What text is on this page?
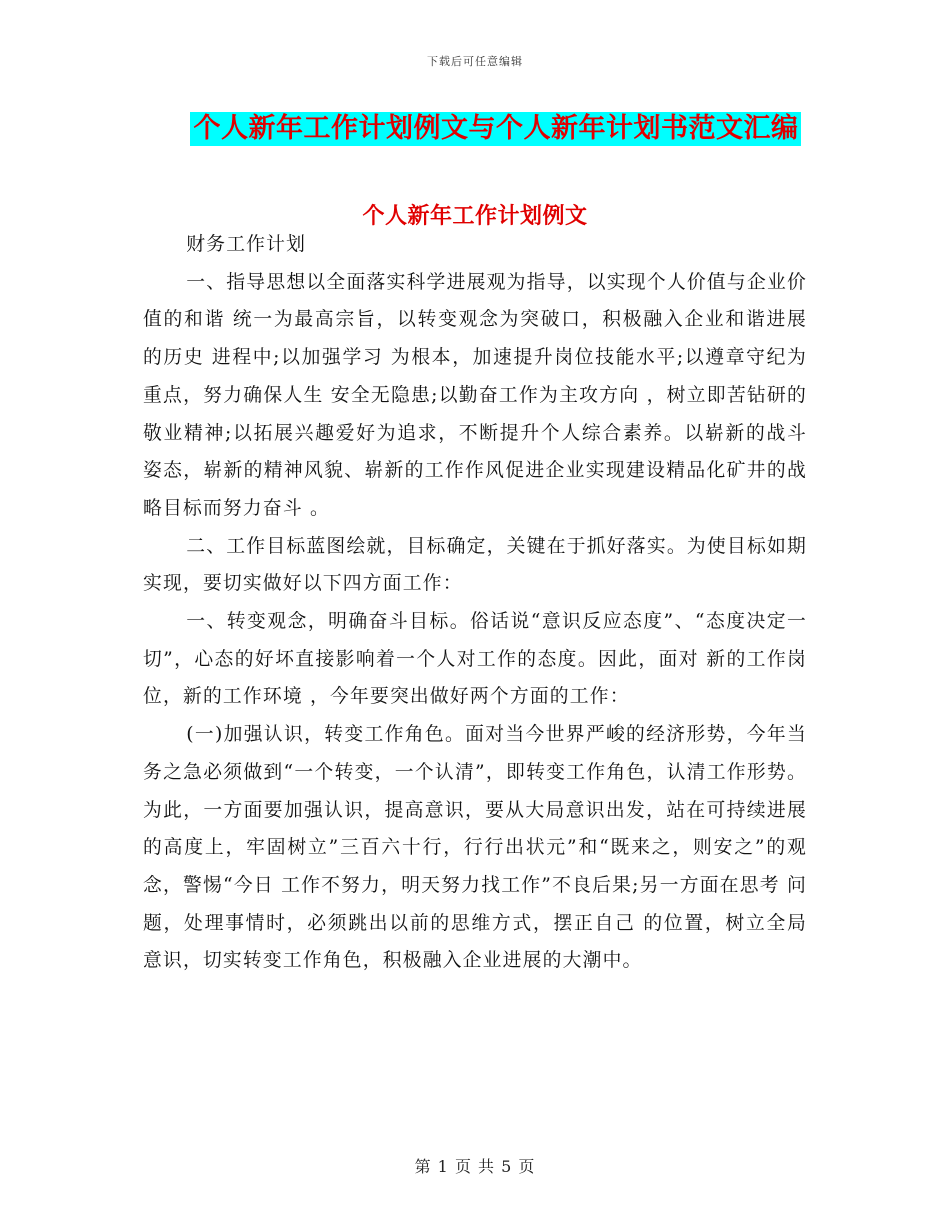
下载后可任意编辑
个人新年工作计划例文与个人新年计划书范文汇编
个人新年工作计划例文

财务工作计划

一、指导思想以全面落实科学进展观为指导，以实现个人价值与企业价值的和谐 统一为最高宗旨，以转变观念为突破口，积极融入企业和谐进展的历史 进程中;以加强学习 为根本，加速提升岗位技能水平;以遵章守纪为重点，努力确保人生 安全无隐患;以勤奋工作为主攻方向 ，树立即苦钻研的敬业精神;以拓展兴趣爱好为追求，不断提升个人综合素养。以崭新的战斗姿态，崭新的精神风貌、崭新的工作作风促进企业实现建设精品化矿井的战略目标而努力奋斗 。

二、工作目标蓝图绘就，目标确定，关键在于抓好落实。为使目标如期实现，要切实做好以下四方面工作：

一、转变观念，明确奋斗目标。俗话说“意识反应态度”、“态度决定一切”，心态的好坏直接影响着一个人对工作的态度。因此，面对 新的工作岗位，新的工作环境 ，今年要突出做好两个方面的工作：

(一)加强认识，转变工作角色。面对当今世界严峻的经济形势，今年当务之急必须做到“一个转变，一个认清”，即转变工作角色，认清工作形势。为此，一方面要加强认识，提高意识，要从大局意识出发，站在可持续进展的高度上，牢固树立”三百六十行，行行出状元”和“既来之，则安之”的观念，警惕“今日 工作不努力，明天努力找工作”不良后果;另一方面在思考 问题，处理事情时，必须跳出以前的思维方式，摆正自己 的位置，树立全局意识，切实转变工作角色，积极融入企业进展的大潮中。

第 1 页 共 5 页
